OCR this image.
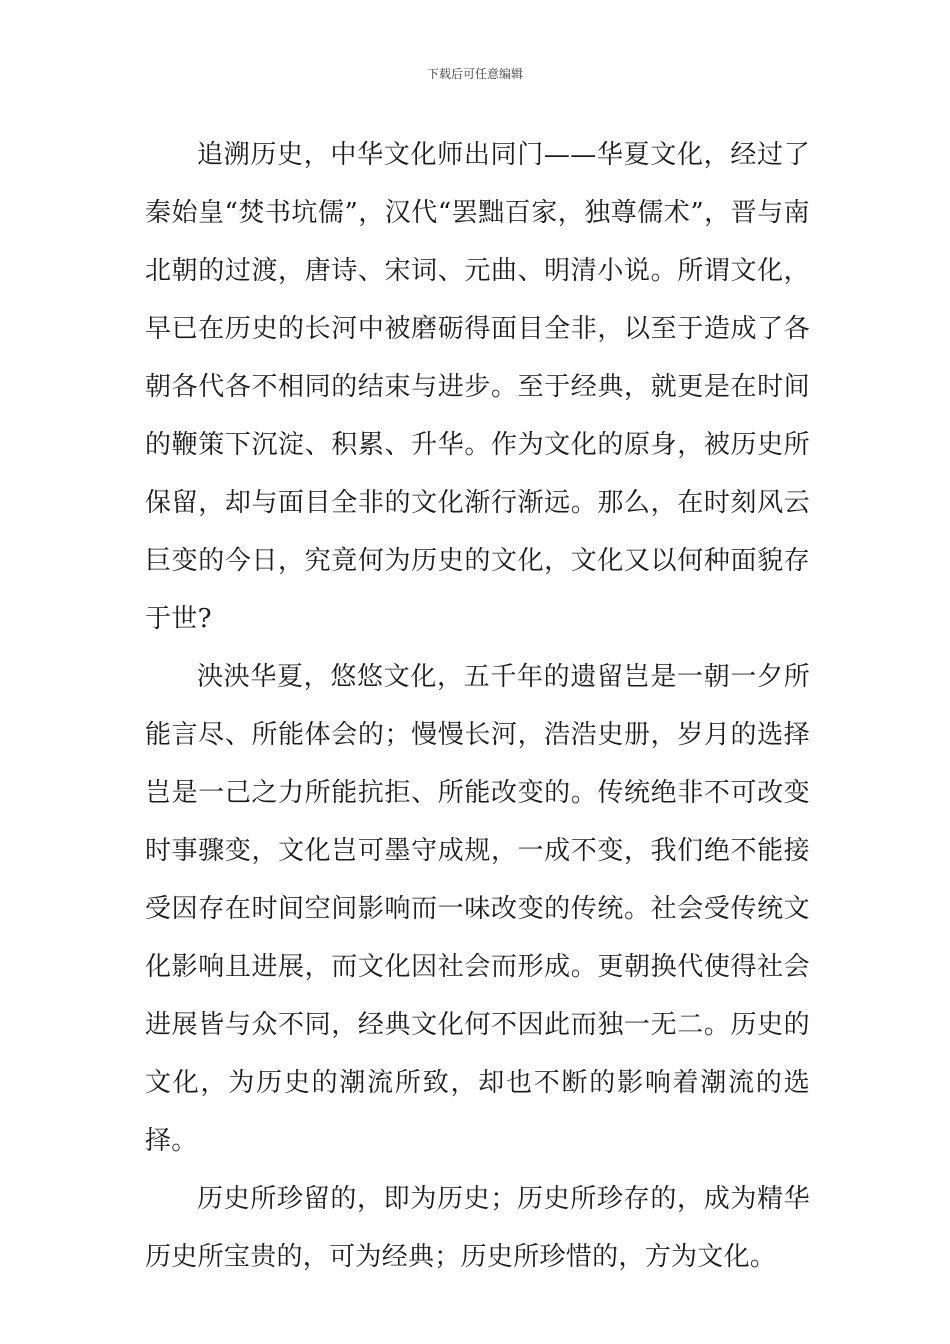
下载后可任意编辑

追溯历史，中华文化师出同门——华夏文化，经过了秦始皇“焚书坑儒”，汉代“罢黜百家，独尊儒术”，晋与南北朝的过渡，唐诗、宋词、元曲、明清小说。所谓文化，早已在历史的长河中被磨砺得面目全非，以至于造成了各朝各代各不相同的结束与进步。至于经典，就更是在时间的鞭策下沉淀、积累、升华。作为文化的原身，被历史所保留，却与面目全非的文化渐行渐远。那么，在时刻风云巨变的今日，究竟何为历史的文化，文化又以何种面貌存于世?

泱泱华夏，悠悠文化，五千年的遗留岂是一朝一夕所能言尽、所能体会的；慢慢长河，浩浩史册，岁月的选择岂是一己之力所能抗拒、所能改变的。传统绝非不可改变时事骤变，文化岂可墨守成规，一成不变，我们绝不能接受因存在时间空间影响而一味改变的传统。社会受传统文化影响且进展，而文化因社会而形成。更朝换代使得社会进展皆与众不同，经典文化何不因此而独一无二。历史的文化，为历史的潮流所致，却也不断的影响着潮流的选择。

历史所珍留的，即为历史；历史所珍存的，成为精华历史所宝贵的，可为经典；历史所珍惜的，方为文化。
